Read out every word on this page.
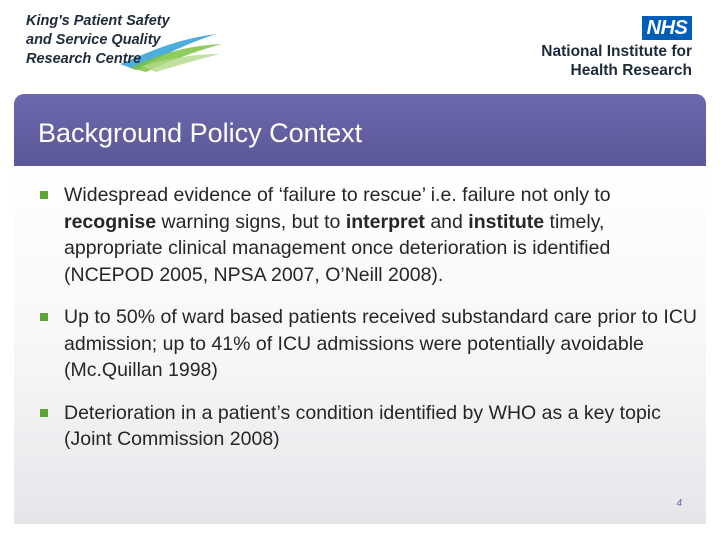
King's Patient Safety
and Service Quality
Research Centre
NHS
National Institute for
Health Research
Background Policy Context
Widespread evidence of ‘failure to rescue’ i.e. failure not only to recognise warning signs, but to interpret and institute timely, appropriate clinical management once deterioration is identified (NCEPOD 2005, NPSA 2007, O’Neill 2008).
Up to 50% of ward based patients received substandard care prior to ICU admission; up to 41% of ICU admissions were potentially avoidable (Mc.Quillan 1998)
Deterioration in a patient’s condition identified by WHO as a key topic (Joint Commission 2008)
4
